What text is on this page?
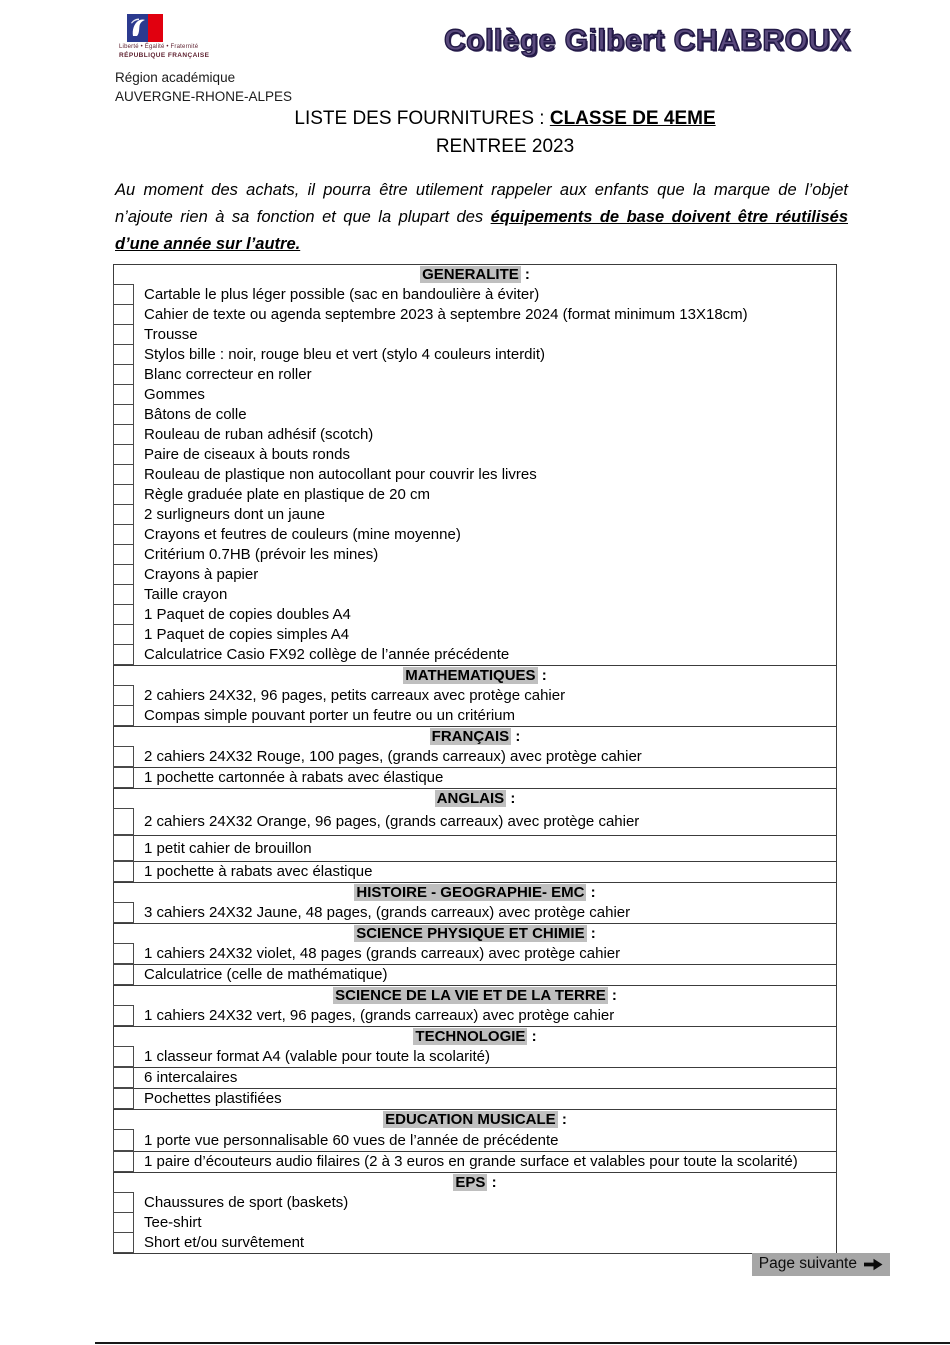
Liberté • Égalité • Fraternité
RÉPUBLIQUE FRANÇAISE
Région académique
AUVERGNE-RHONE-ALPES
Collège Gilbert CHABROUX
LISTE DES FOURNITURES : CLASSE DE 4EME
RENTREE 2023
Au moment des achats, il pourra être utilement rappeler aux enfants que la marque de l’objet n’ajoute rien à sa fonction et que la plupart des équipements de base doivent être réutilisés d’une année sur l’autre.
GENERALITE :
Cartable le plus léger possible (sac en bandoulière à éviter)
Cahier de texte ou agenda septembre 2023 à septembre 2024 (format minimum 13X18cm)
Trousse
Stylos bille : noir, rouge bleu et vert (stylo 4 couleurs interdit)
Blanc correcteur en roller
Gommes
Bâtons de colle
Rouleau de ruban adhésif (scotch)
Paire de ciseaux à bouts ronds
Rouleau de plastique non autocollant pour couvrir les livres
Règle graduée plate en plastique de 20 cm
2 surligneurs dont un jaune
Crayons et feutres de couleurs (mine moyenne)
Critérium 0.7HB (prévoir les mines)
Crayons à papier
Taille crayon
1 Paquet de copies doubles A4
1 Paquet de copies simples A4
Calculatrice Casio FX92 collège de l’année précédente
MATHEMATIQUES :
2 cahiers 24X32, 96 pages, petits carreaux avec protège cahier
Compas simple pouvant porter un feutre ou un critérium
FRANÇAIS :
2 cahiers 24X32 Rouge, 100 pages, (grands carreaux) avec protège cahier
1 pochette cartonnée à rabats avec élastique
ANGLAIS :
2 cahiers 24X32 Orange, 96 pages, (grands carreaux) avec protège cahier
1 petit cahier de brouillon
1 pochette à rabats avec élastique
HISTOIRE - GEOGRAPHIE- EMC :
3 cahiers 24X32 Jaune, 48 pages, (grands carreaux) avec protège cahier
SCIENCE PHYSIQUE ET CHIMIE :
1 cahiers 24X32 violet, 48 pages (grands carreaux) avec protège cahier
Calculatrice (celle de mathématique)
SCIENCE DE LA VIE ET DE LA TERRE :
1 cahiers 24X32 vert, 96 pages, (grands carreaux) avec protège cahier
TECHNOLOGIE :
1 classeur format A4 (valable pour toute la scolarité)
6 intercalaires
Pochettes plastifiées
EDUCATION MUSICALE :
1 porte vue personnalisable 60 vues de l’année de précédente
1 paire d’écouteurs audio filaires (2 à 3 euros en grande surface et valables pour toute la scolarité)
EPS :
Chaussures de sport (baskets)
Tee-shirt
Short et/ou survêtement
Page suivante
